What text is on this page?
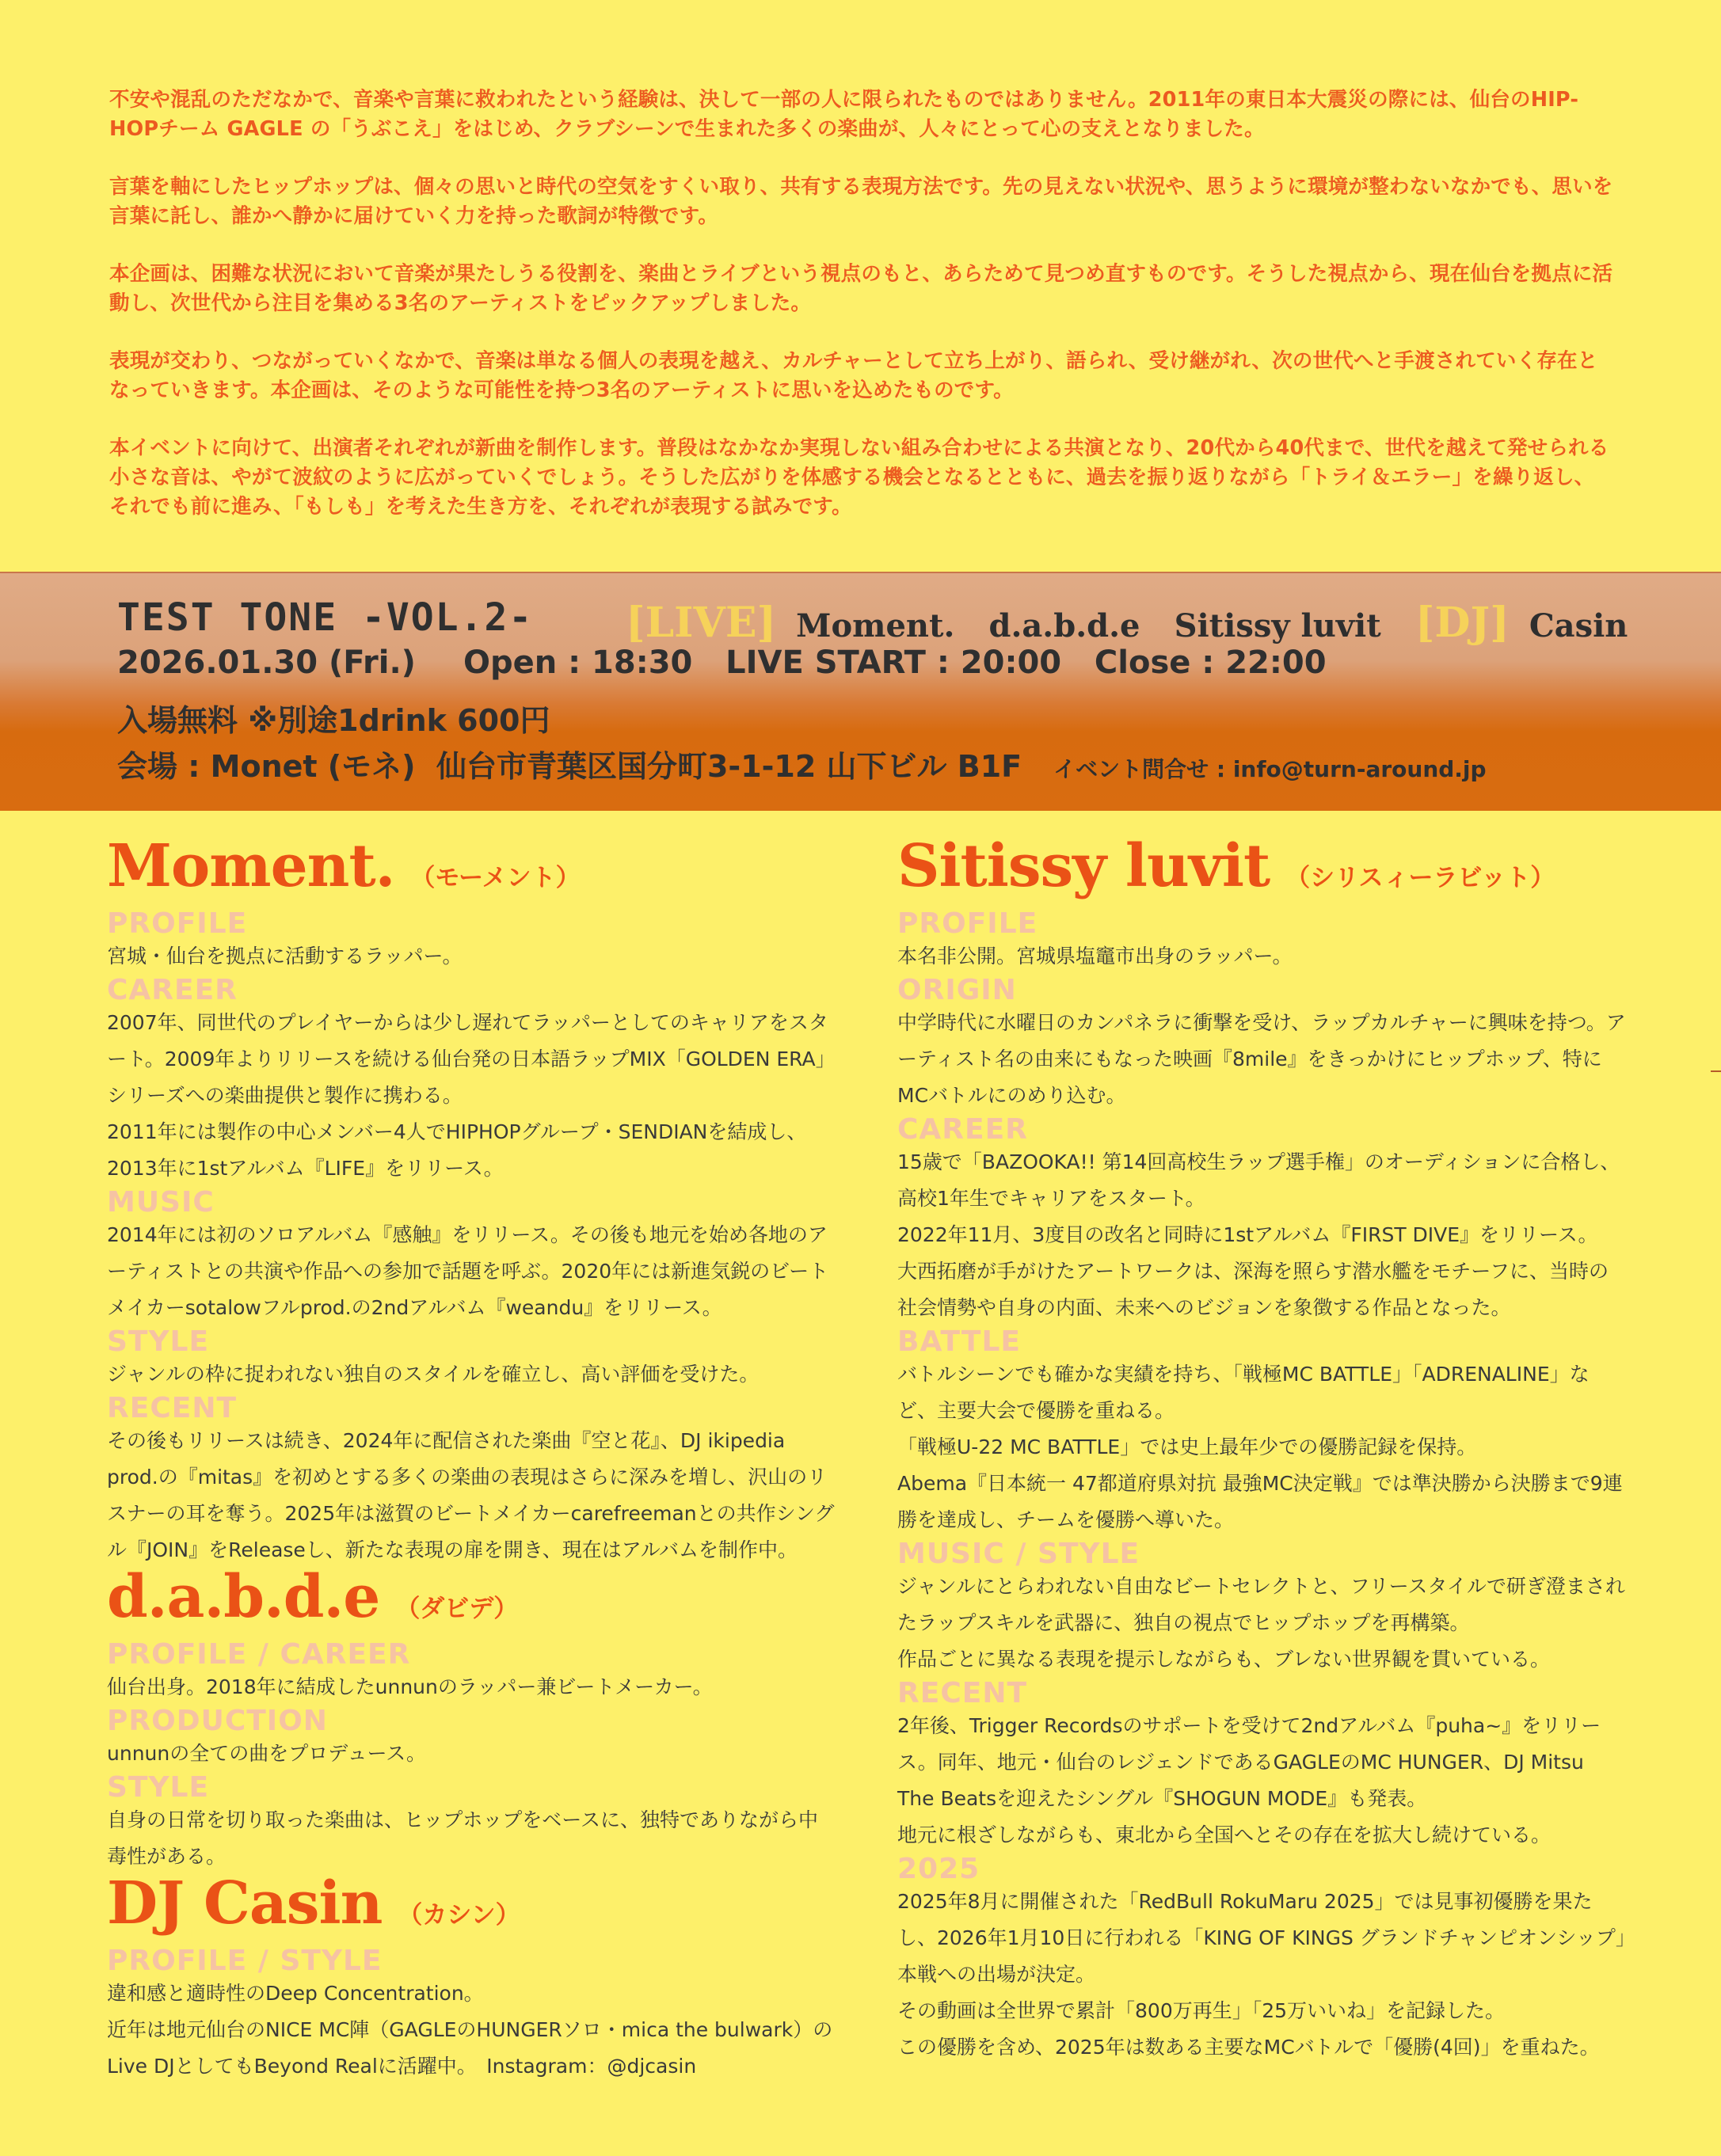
不安や混乱のただなかで、音楽や言葉に救われたという経験は、決して一部の人に限られたものではありません。2011年の東日本大震災の際には、仙台のHIP-HOPチーム GAGLE の「うぶこえ」をはじめ、クラブシーンで生まれた多くの楽曲が、人々にとって心の支えとなりました。

言葉を軸にしたヒップホップは、個々の思いと時代の空気をすくい取り、共有する表現方法です。先の見えない状況や、思うように環境が整わないなかでも、思いを言葉に託し、誰かへ静かに届けていく力を持った歌詞が特徴です。

本企画は、困難な状況において音楽が果たしうる役割を、楽曲とライブという視点のもと、あらためて見つめ直すものです。そうした視点から、現在仙台を拠点に活動し、次世代から注目を集める3名のアーティストをピックアップしました。

表現が交わり、つながっていくなかで、音楽は単なる個人の表現を越え、カルチャーとして立ち上がり、語られ、受け継がれ、次の世代へと手渡されていく存在となっていきます。本企画は、そのような可能性を持つ3名のアーティストに思いを込めたものです。

本イベントに向けて、出演者それぞれが新曲を制作します。普段はなかなか実現しない組み合わせによる共演となり、20代から40代まで、世代を越えて発せられる小さな音は、やがて波紋のように広がっていくでしょう。そうした広がりを体感する機会となるとともに、過去を振り返りながら「トライ＆エラー」を繰り返し、それでも前に進み、「もしも」を考えた生き方を、それぞれが表現する試みです。

TEST TONE -VOL.2- [LIVE] Moment. d.a.b.d.e Sitissy luvit [DJ] Casin
2026.01.30 (Fri.) Open : 18:30   LIVE START : 20:00   Close : 22:00
入場無料 ※別途1drink 600円
会場 : Monet (モネ)  仙台市青葉区国分町3-1-12 山下ビル B1F イベント問合せ : info@turn-around.jp
Moment. （モーメント）
PROFILE

宮城・仙台を拠点に活動するラッパー。

CAREER

2007年、同世代のプレイヤーからは少し遅れてラッパーとしてのキャリアをスタート。2009年よりリリースを続ける仙台発の日本語ラップMIX「GOLDEN ERA」シリーズへの楽曲提供と製作に携わる。

2011年には製作の中心メンバー4人でHIPHOPグループ・SENDIANを結成し、2013年に1stアルバム『LIFE』をリリース。

MUSIC

2014年には初のソロアルバム『感触』をリリース。その後も地元を始め各地のアーティストとの共演や作品への参加で話題を呼ぶ。2020年には新進気鋭のビートメイカーsotalowフルprod.の2ndアルバム『weandu』をリリース。

STYLE

ジャンルの枠に捉われない独自のスタイルを確立し、高い評価を受けた。

RECENT

その後もリリースは続き、2024年に配信された楽曲『空と花』、DJ ikipedia prod.の『mitas』を初めとする多くの楽曲の表現はさらに深みを増し、沢山のリスナーの耳を奪う。2025年は滋賀のビートメイカーcarefreemanとの共作シングル『JOIN』をReleaseし、新たな表現の扉を開き、現在はアルバムを制作中。

d.a.b.d.e （ダビデ）
PROFILE / CAREER

仙台出身。2018年に結成したunnunのラッパー兼ビートメーカー。

PRODUCTION

unnunの全ての曲をプロデュース。

STYLE

自身の日常を切り取った楽曲は、ヒップホップをベースに、独特でありながら中毒性がある。

DJ Casin （カシン）
PROFILE / STYLE

違和感と適時性のDeep Concentration。

近年は地元仙台のNICE MC陣（GAGLEのHUNGERソロ・mica the bulwark）のLive DJとしてもBeyond Realに活躍中。　Instagram：@djcasin

Sitissy luvit （シリスィーラビット）
PROFILE

本名非公開。宮城県塩竈市出身のラッパー。

ORIGIN

中学時代に水曜日のカンパネラに衝撃を受け、ラップカルチャーに興味を持つ。アーティスト名の由来にもなった映画『8mile』をきっかけにヒップホップ、特にMCバトルにのめり込む。

CAREER

15歳で「BAZOOKA!! 第14回高校生ラップ選手権」のオーディションに合格し、高校1年生でキャリアをスタート。

2022年11月、3度目の改名と同時に1stアルバム『FIRST DIVE』をリリース。

大西拓磨が手がけたアートワークは、深海を照らす潜水艦をモチーフに、当時の社会情勢や自身の内面、未来へのビジョンを象徴する作品となった。

BATTLE

バトルシーンでも確かな実績を持ち、「戦極MC BATTLE」「ADRENALINE」など、主要大会で優勝を重ねる。

「戦極U-22 MC BATTLE」では史上最年少での優勝記録を保持。

Abema『日本統一 47都道府県対抗 最強MC決定戦』では準決勝から決勝まで9連勝を達成し、チームを優勝へ導いた。

MUSIC / STYLE

ジャンルにとらわれない自由なビートセレクトと、フリースタイルで研ぎ澄まされたラップスキルを武器に、独自の視点でヒップホップを再構築。

作品ごとに異なる表現を提示しながらも、ブレない世界観を貫いている。

RECENT

2年後、Trigger Recordsのサポートを受けて2ndアルバム『puha~』をリリース。同年、地元・仙台のレジェンドであるGAGLEのMC HUNGER、DJ Mitsu The Beatsを迎えたシングル『SHOGUN MODE』も発表。

地元に根ざしながらも、東北から全国へとその存在を拡大し続けている。

2025

2025年8月に開催された「RedBull RokuMaru 2025」では見事初優勝を果たし、2026年1月10日に行われる「KING OF KINGS グランドチャンピオンシップ」本戦への出場が決定。

その動画は全世界で累計「800万再生」「25万いいね」を記録した。

この優勝を含め、2025年は数ある主要なMCバトルで「優勝(4回)」を重ねた。
